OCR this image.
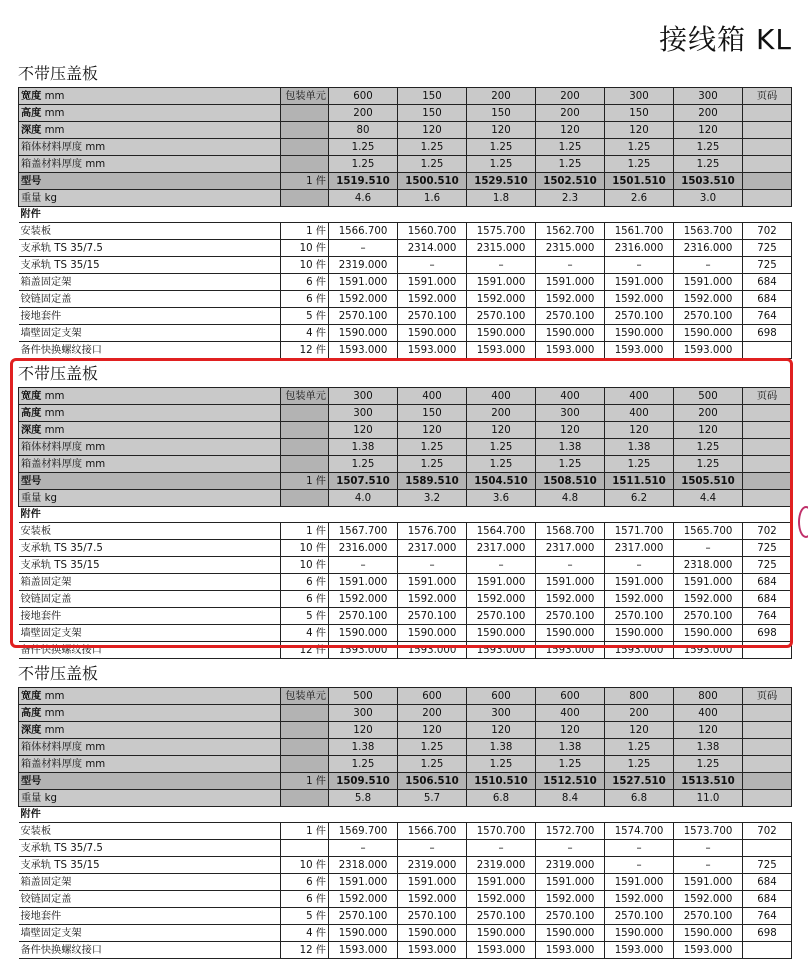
接线箱 KL
不带压盖板
宽度 mm	包装单元	600	150	200	200	300	300	页码
高度 mm		200	150	150	200	150	200	
深度 mm		80	120	120	120	120	120	
箱体材料厚度 mm		1.25	1.25	1.25	1.25	1.25	1.25	
箱盖材料厚度 mm		1.25	1.25	1.25	1.25	1.25	1.25	
型号	1 件	1519.510	1500.510	1529.510	1502.510	1501.510	1503.510	
重量 kg		4.6	1.6	1.8	2.3	2.6	3.0	
附件								
安装板	1 件	1566.700	1560.700	1575.700	1562.700	1561.700	1563.700	702
支承轨 TS 35/7.5	10 件	–	2314.000	2315.000	2315.000	2316.000	2316.000	725
支承轨 TS 35/15	10 件	2319.000	–	–	–	–	–	725
箱盖固定架	6 件	1591.000	1591.000	1591.000	1591.000	1591.000	1591.000	684
铰链固定盖	6 件	1592.000	1592.000	1592.000	1592.000	1592.000	1592.000	684
接地套件	5 件	2570.100	2570.100	2570.100	2570.100	2570.100	2570.100	764
墙壁固定支架	4 件	1590.000	1590.000	1590.000	1590.000	1590.000	1590.000	698
备件快换螺纹接口	12 件	1593.000	1593.000	1593.000	1593.000	1593.000	1593.000	
不带压盖板
宽度 mm	包装单元	300	400	400	400	400	500	页码
高度 mm		300	150	200	300	400	200	
深度 mm		120	120	120	120	120	120	
箱体材料厚度 mm		1.38	1.25	1.25	1.38	1.38	1.25	
箱盖材料厚度 mm		1.25	1.25	1.25	1.25	1.25	1.25	
型号	1 件	1507.510	1589.510	1504.510	1508.510	1511.510	1505.510	
重量 kg		4.0	3.2	3.6	4.8	6.2	4.4	
附件								
安装板	1 件	1567.700	1576.700	1564.700	1568.700	1571.700	1565.700	702
支承轨 TS 35/7.5	10 件	2316.000	2317.000	2317.000	2317.000	2317.000	–	725
支承轨 TS 35/15	10 件	–	–	–	–	–	2318.000	725
箱盖固定架	6 件	1591.000	1591.000	1591.000	1591.000	1591.000	1591.000	684
铰链固定盖	6 件	1592.000	1592.000	1592.000	1592.000	1592.000	1592.000	684
接地套件	5 件	2570.100	2570.100	2570.100	2570.100	2570.100	2570.100	764
墙壁固定支架	4 件	1590.000	1590.000	1590.000	1590.000	1590.000	1590.000	698
备件快换螺纹接口	12 件	1593.000	1593.000	1593.000	1593.000	1593.000	1593.000	
不带压盖板
宽度 mm	包装单元	500	600	600	600	800	800	页码
高度 mm		300	200	300	400	200	400	
深度 mm		120	120	120	120	120	120	
箱体材料厚度 mm		1.38	1.25	1.38	1.38	1.25	1.38	
箱盖材料厚度 mm		1.25	1.25	1.25	1.25	1.25	1.25	
型号	1 件	1509.510	1506.510	1510.510	1512.510	1527.510	1513.510	
重量 kg		5.8	5.7	6.8	8.4	6.8	11.0	
附件								
安装板	1 件	1569.700	1566.700	1570.700	1572.700	1574.700	1573.700	702
支承轨 TS 35/7.5		–	–	–	–	–	–	
支承轨 TS 35/15	10 件	2318.000	2319.000	2319.000	2319.000	–	–	725
箱盖固定架	6 件	1591.000	1591.000	1591.000	1591.000	1591.000	1591.000	684
铰链固定盖	6 件	1592.000	1592.000	1592.000	1592.000	1592.000	1592.000	684
接地套件	5 件	2570.100	2570.100	2570.100	2570.100	2570.100	2570.100	764
墙壁固定支架	4 件	1590.000	1590.000	1590.000	1590.000	1590.000	1590.000	698
备件快换螺纹接口	12 件	1593.000	1593.000	1593.000	1593.000	1593.000	1593.000	
